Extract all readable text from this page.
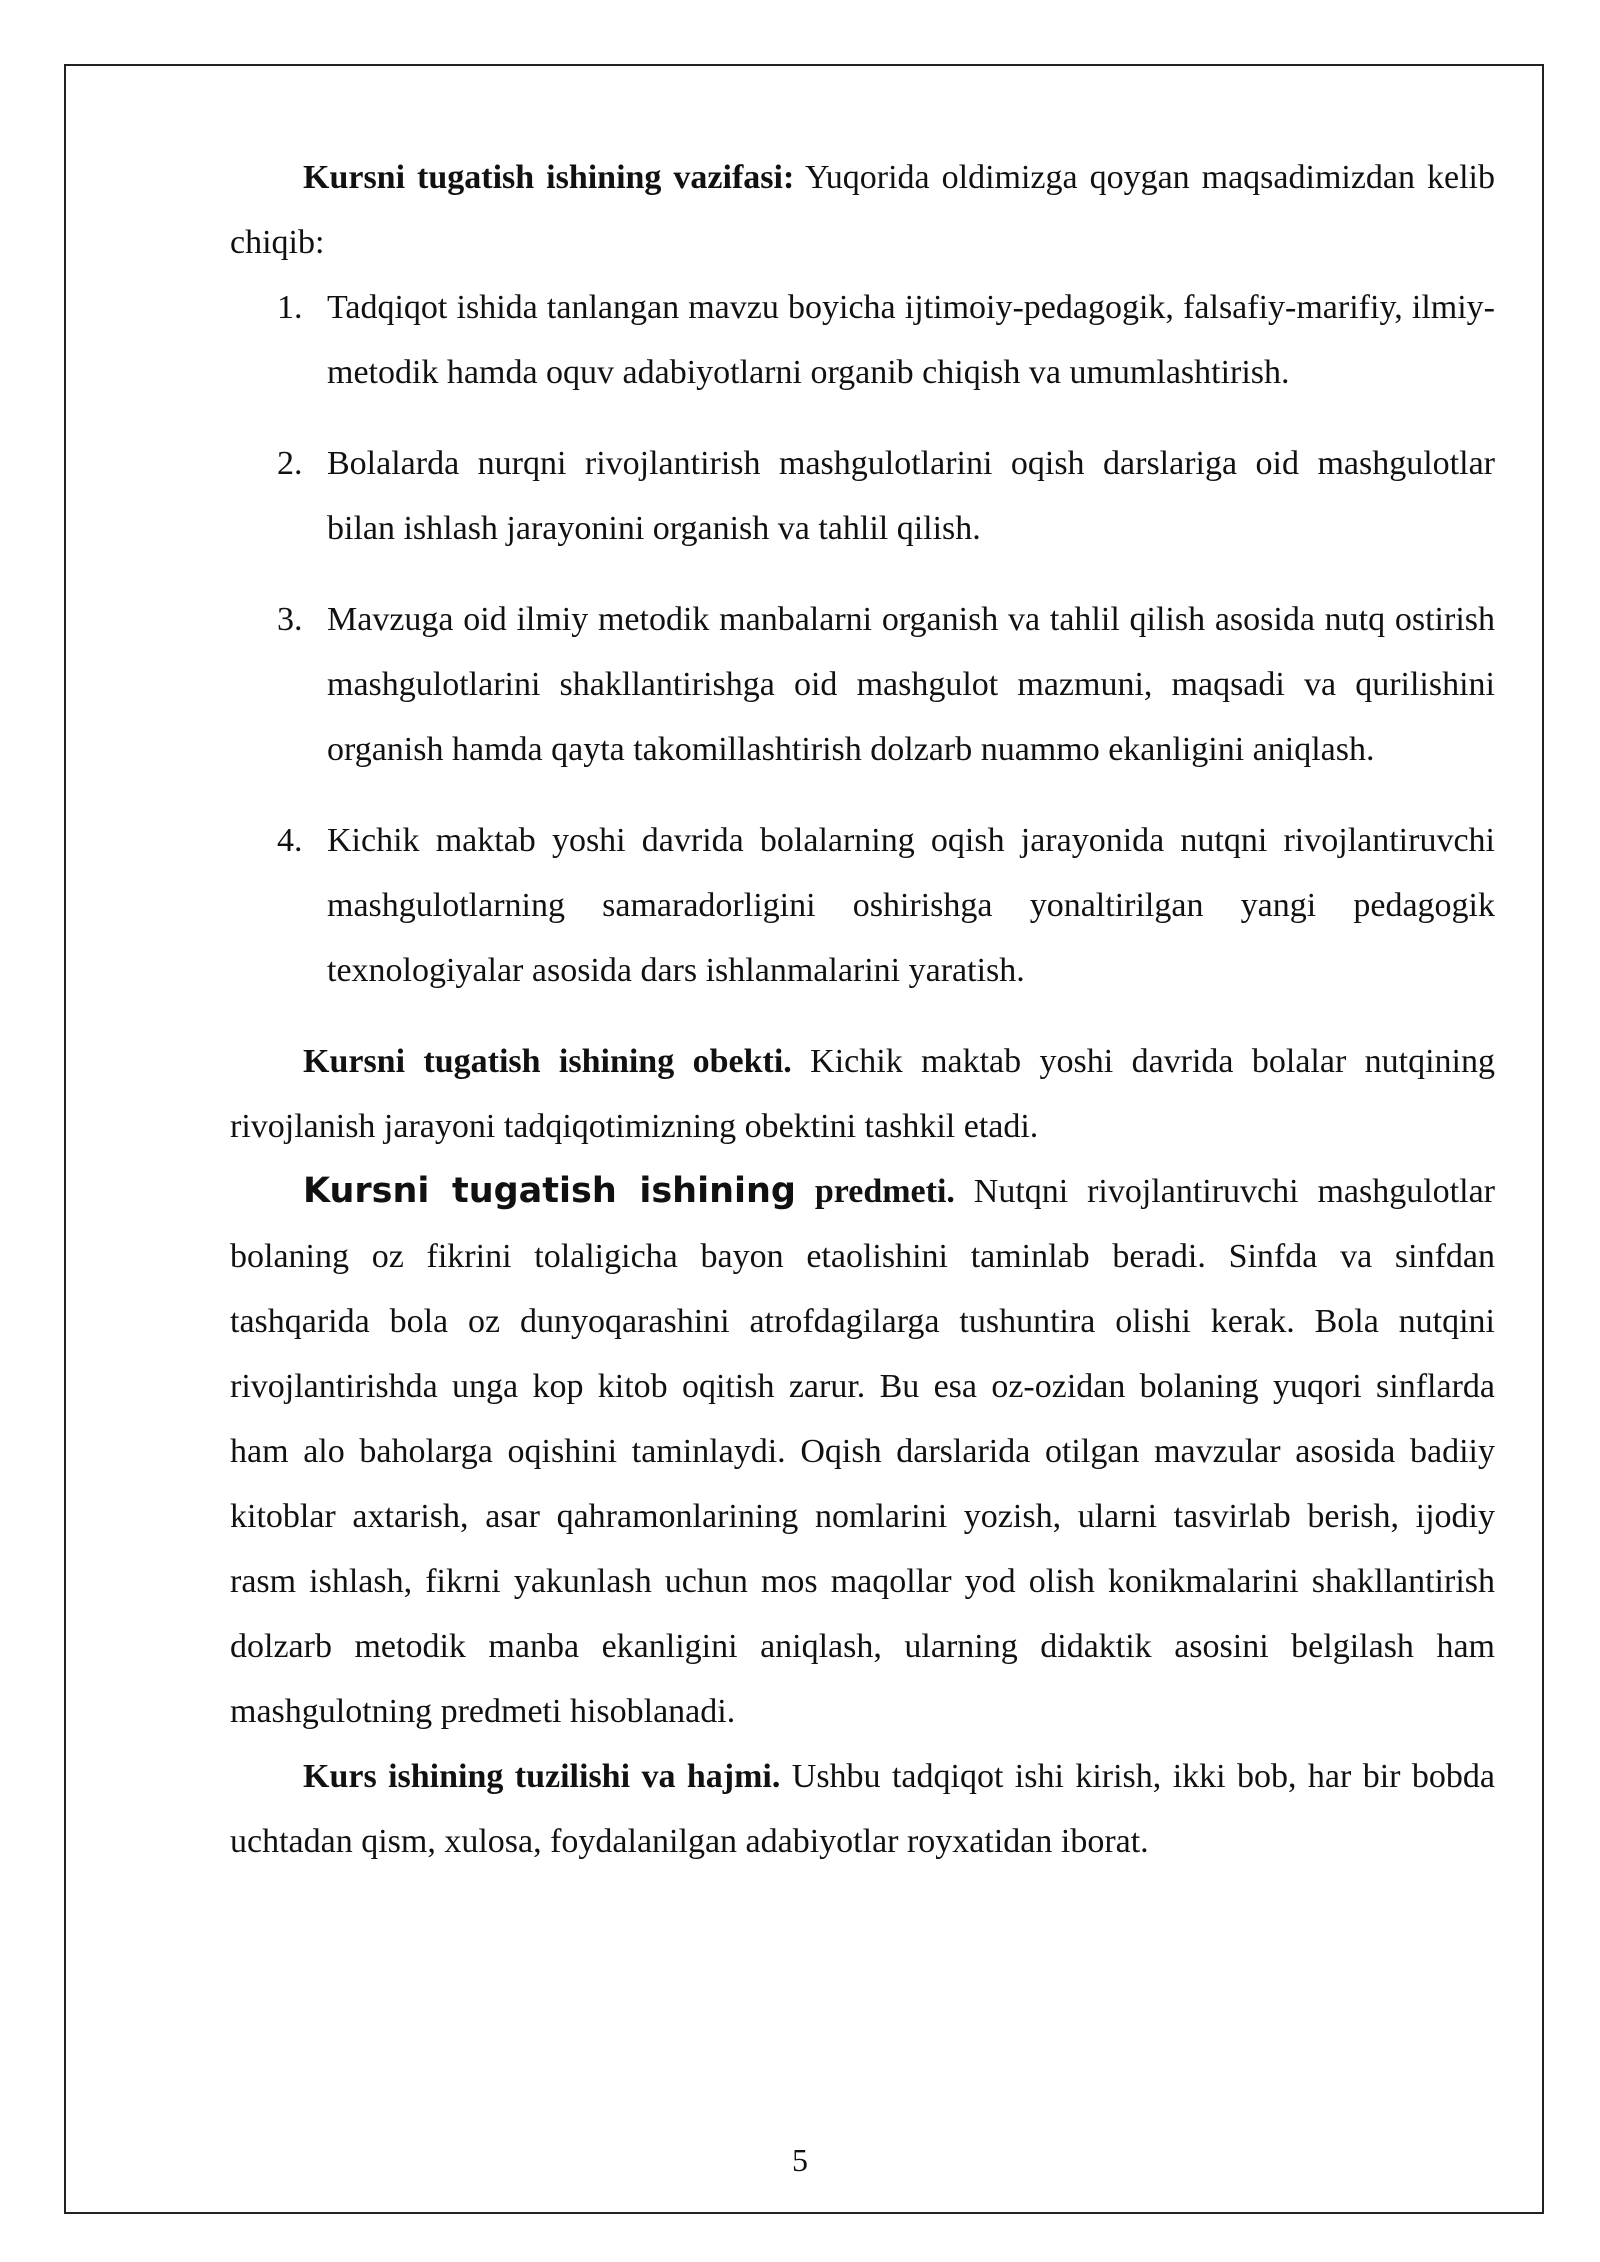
Kursni tugatish ishining vazifasi: Yuqorida oldimizga qoygan maqsadimizdan kelib chiqib:

1. Tadqiqot ishida tanlangan mavzu boyicha ijtimoiy-pedagogik, falsafiy-marifiy, ilmiy-metodik hamda oquv adabiyotlarni organib chiqish va umumlashtirish.
2. Bolalarda nurqni rivojlantirish mashgulotlarini oqish darslariga oid mashgulotlar bilan ishlash jarayonini organish va tahlil qilish.
3. Mavzuga oid ilmiy metodik manbalarni organish va tahlil qilish asosida nutq ostirish mashgulotlarini shakllantirishga oid mashgulot mazmuni, maqsadi va qurilishini organish hamda qayta takomillashtirish dolzarb nuammo ekanligini aniqlash.
4. Kichik maktab yoshi davrida bolalarning oqish jarayonida nutqni rivojlantiruvchi mashgulotlarning samaradorligini oshirishga yonaltirilgan yangi pedagogik texnologiyalar asosida dars ishlanmalarini yaratish.

Kursni tugatish ishining obekti. Kichik maktab yoshi davrida bolalar nutqining rivojlanish jarayoni tadqiqotimizning obektini tashkil etadi.

Kursni tugatish ishining predmeti. Nutqni rivojlantiruvchi mashgulotlar bolaning oz fikrini tolaligicha bayon etaolishini taminlab beradi. Sinfda va sinfdan tashqarida bola oz dunyoqarashini atrofdagilarga tushuntira olishi kerak. Bola nutqini rivojlantirishda unga kop kitob oqitish zarur. Bu esa oz-ozidan bolaning yuqori sinflarda ham alo baholarga oqishini taminlaydi. Oqish darslarida otilgan mavzular asosida badiiy kitoblar axtarish, asar qahramonlarining nomlarini yozish, ularni tasvirlab berish, ijodiy rasm ishlash, fikrni yakunlash uchun mos maqollar yod olish konikmalarini shakllantirish dolzarb metodik manba ekanligini aniqlash, ularning didaktik asosini belgilash ham mashgulotning predmeti hisoblanadi.

Kurs ishining tuzilishi va hajmi. Ushbu tadqiqot ishi kirish, ikki bob, har bir bobda uchtadan qism, xulosa, foydalanilgan adabiyotlar royxatidan iborat.

5
